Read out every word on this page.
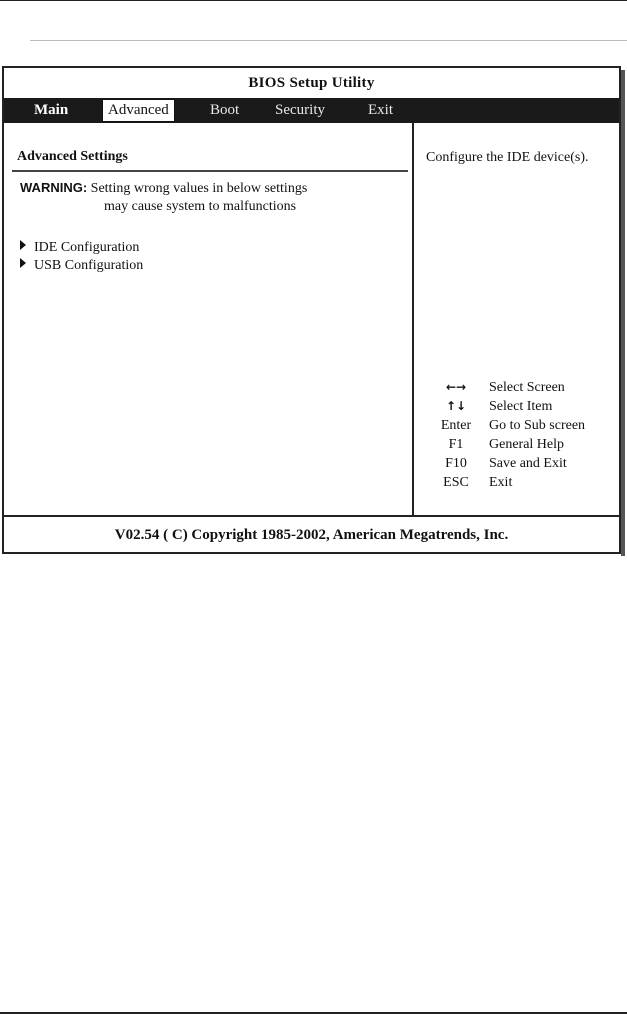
BIOS Setup Utility
Main	Advanced	Boot Security	Exit
Advanced Settings
WARNING: Setting wrong values in below settings
may cause system to malfunctions
IDE Configuration
USB Configuration
Configure the IDE device(s).
←→	Select Screen
↑↓	Select Item
Enter	Go to Sub screen
F1	General Help
F10	Save and Exit
ESC	Exit
V02.54 ( C) Copyright 1985-2002, American Megatrends, Inc.
